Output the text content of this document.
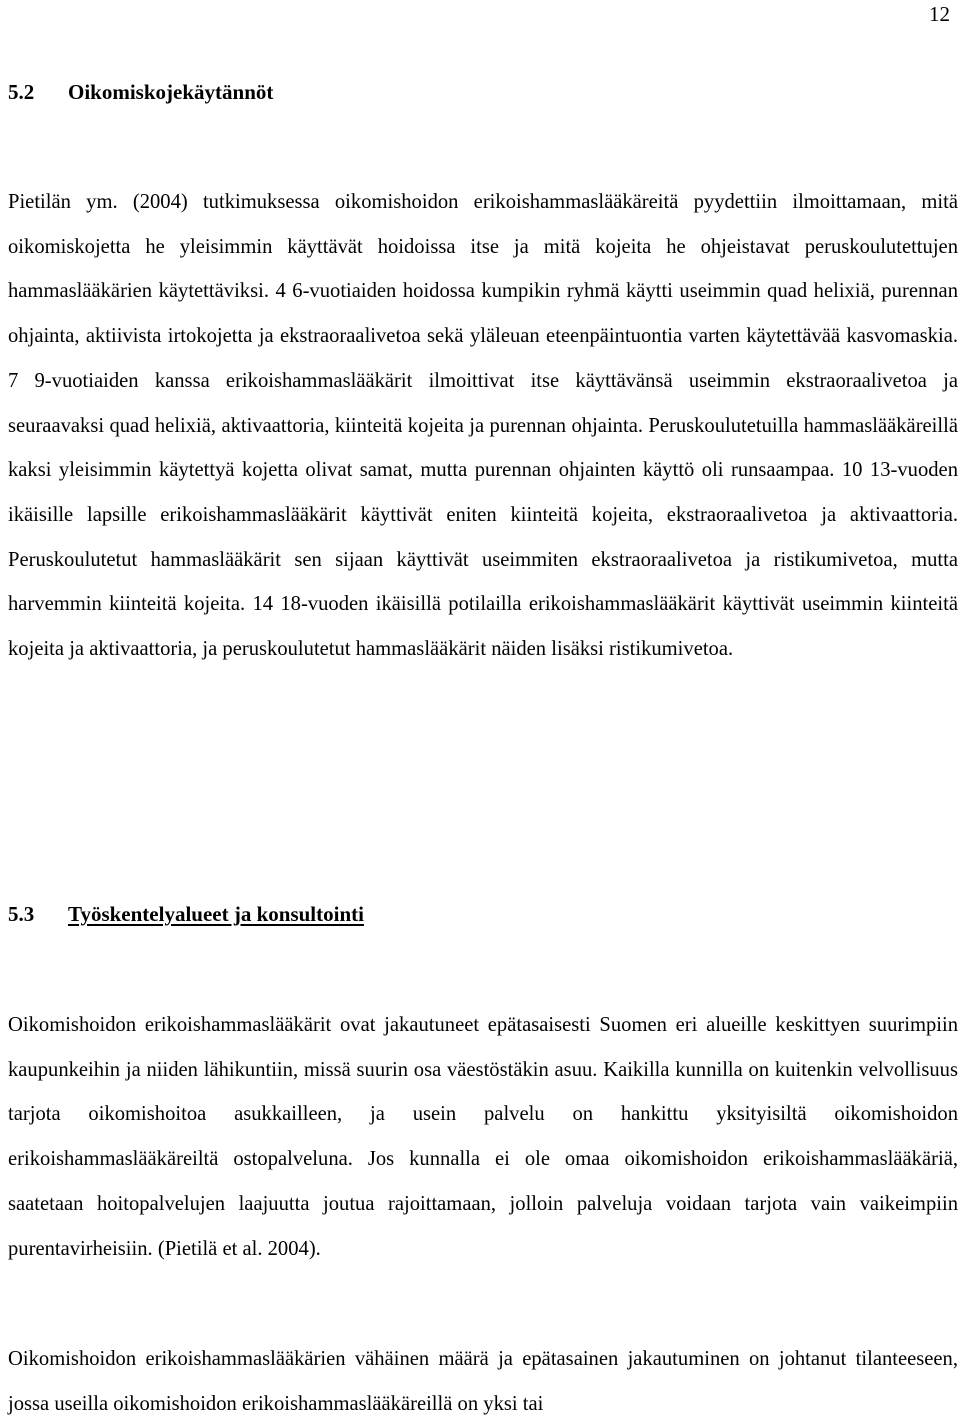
12
5.2 Oikomiskojekäytännöt

Pietilän ym. (2004) tutkimuksessa oikomishoidon erikoishammaslääkäreitä pyydettiin ilmoittamaan, mitä oikomiskojetta he yleisimmin käyttävät hoidoissa itse ja mitä kojeita he ohjeistavat peruskoulutettujen hammaslääkärien käytettäviksi. 4 6-vuotiaiden hoidossa kumpikin ryhmä käytti useimmin quad helixiä, purennan ohjainta, aktiivista irtokojetta ja ekstraoraalivetoa sekä yläleuan eteenpäintuontia varten käytettävää kasvomaskia. 7 9-vuotiaiden kanssa erikoishammaslääkärit ilmoittivat itse käyttävänsä useimmin ekstraoraalivetoa ja seuraavaksi quad helixiä, aktivaattoria, kiinteitä kojeita ja purennan ohjainta. Peruskoulutetuilla hammaslääkäreillä kaksi yleisimmin käytettyä kojetta olivat samat, mutta purennan ohjainten käyttö oli runsaampaa. 10 13-vuoden ikäisille lapsille erikoishammaslääkärit käyttivät eniten kiinteitä kojeita, ekstraoraalivetoa ja aktivaattoria. Peruskoulutetut hammaslääkärit sen sijaan käyttivät useimmiten ekstraoraalivetoa ja ristikumivetoa, mutta harvemmin kiinteitä kojeita. 14 18-vuoden ikäisillä potilailla erikoishammaslääkärit käyttivät useimmin kiinteitä kojeita ja aktivaattoria, ja peruskoulutetut hammaslääkärit näiden lisäksi ristikumivetoa.

5.3 Työskentelyalueet ja konsultointi

Oikomishoidon erikoishammaslääkärit ovat jakautuneet epätasaisesti Suomen eri alueille keskittyen suurimpiin kaupunkeihin ja niiden lähikuntiin, missä suurin osa väestöstäkin asuu. Kaikilla kunnilla on kuitenkin velvollisuus tarjota oikomishoitoa asukkailleen, ja usein palvelu on hankittu yksityisiltä oikomishoidon erikoishammaslääkäreiltä ostopalveluna. Jos kunnalla ei ole omaa oikomishoidon erikoishammaslääkäriä, saatetaan hoitopalvelujen laajuutta joutua rajoittamaan, jolloin palveluja voidaan tarjota vain vaikeimpiin purentavirheisiin. (Pietilä et al. 2004).

Oikomishoidon erikoishammaslääkärien vähäinen määrä ja epätasainen jakautuminen on johtanut tilanteeseen, jossa useilla oikomishoidon erikoishammaslääkäreillä on yksi tai
